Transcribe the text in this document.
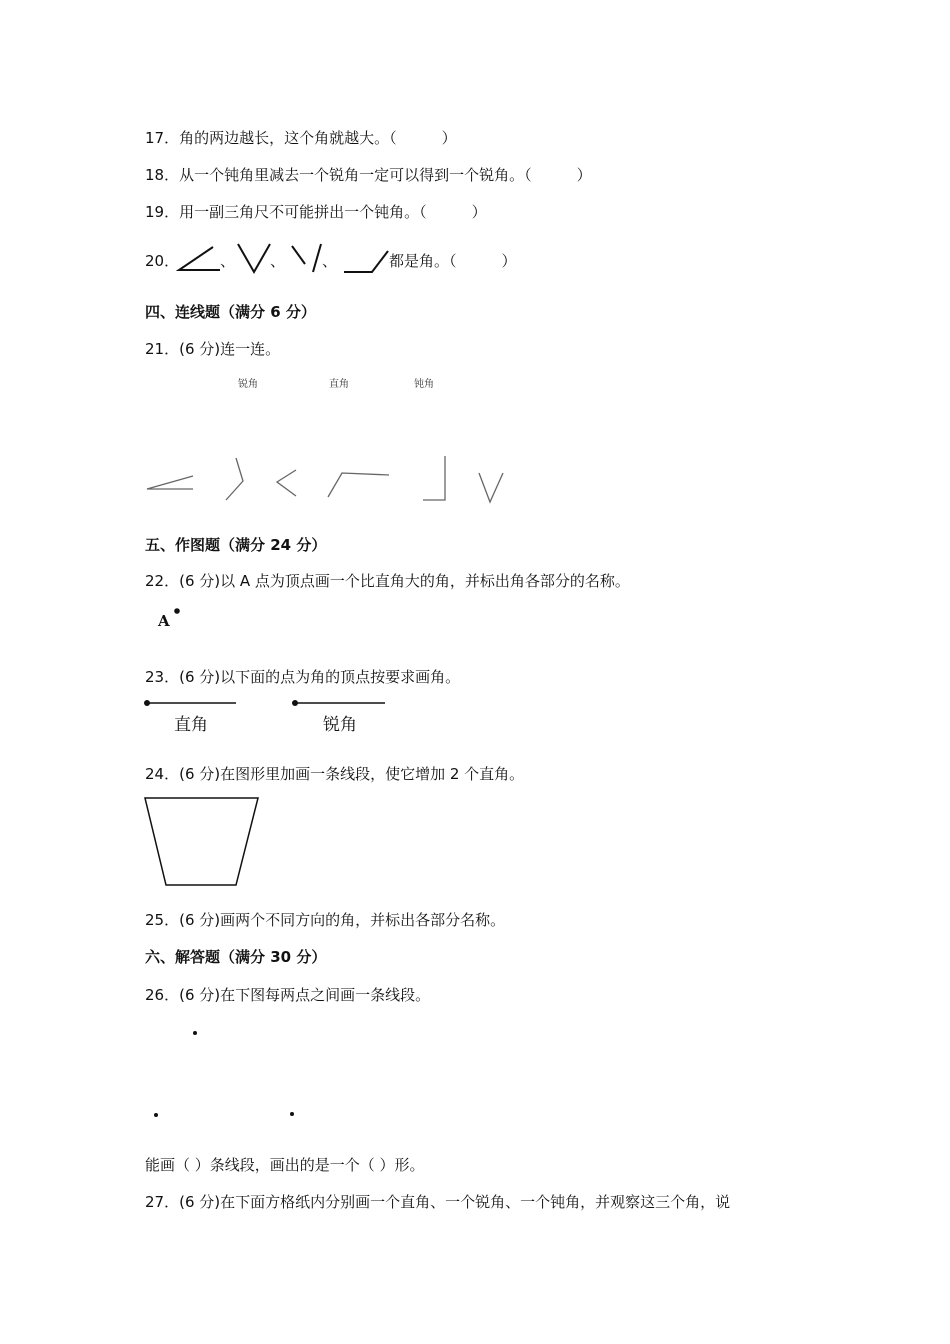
17．角的两边越长，这个角就越大。（　　　）
18．从一个钝角里减去一个锐角一定可以得到一个锐角。（　　　）
19．用一副三角尺不可能拼出一个钝角。（　　　）
20．	、 、 、	都是角。（　　　）
四、连线题（满分 6 分）
21．(6 分)连一连。
锐角	直角	钝角
五、作图题（满分 24 分）
22．(6 分)以 A 点为顶点画一个比直角大的角，并标出角各部分的名称。
A
23．(6 分)以下面的点为角的顶点按要求画角。
直角	锐角
24．(6 分)在图形里加画一条线段，使它增加 2 个直角。
25．(6 分)画两个不同方向的角，并标出各部分名称。
六、解答题（满分 30 分）
26．(6 分)在下图每两点之间画一条线段。
能画（ ）条线段，画出的是一个（ ）形。
27．(6 分)在下面方格纸内分别画一个直角、一个锐角、一个钝角，并观察这三个角，说
